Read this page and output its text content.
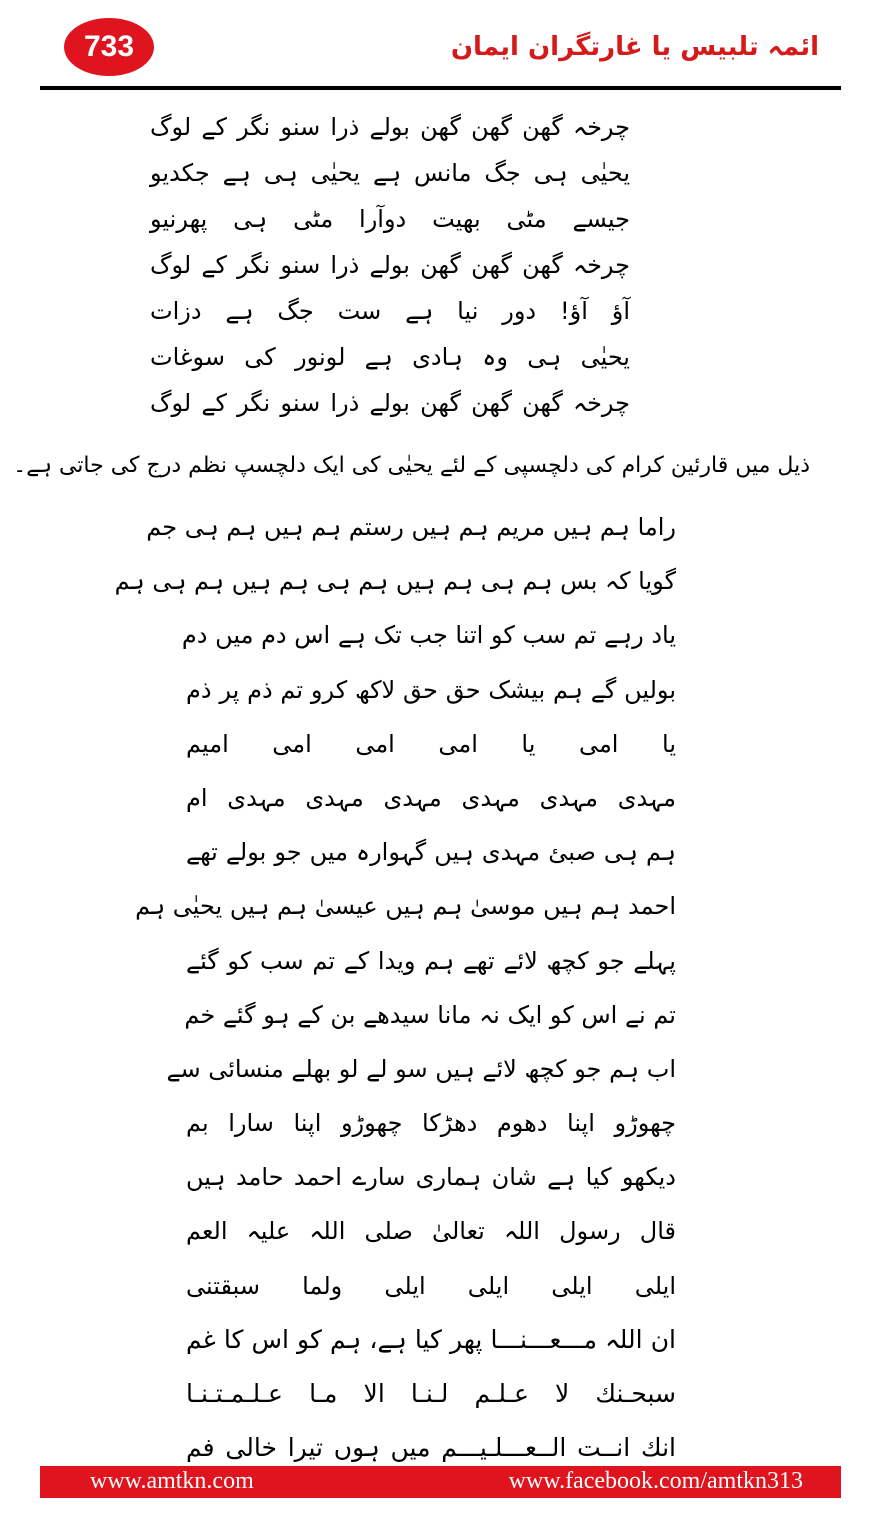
733	ائمہ تلبیس یا غارتگران ایمان
چرخہ گھن گھن گھن بولے ذرا سنو نگر کے لوگ
یحیٰی ہی جگ مانس ہے یحیٰی ہی ہے جکدیو
جیسے مٹی بھیت دوآرا مٹی ہی پھرنیو
چرخہ گھن گھن گھن بولے ذرا سنو نگر کے لوگ
آؤ آؤ! دور نیا ہے ست جگ ہے دزات
یحیٰی ہی وہ ہادی ہے لونور کی سوغات
چرخہ گھن گھن گھن بولے ذرا سنو نگر کے لوگ
ذیل میں قارئین کرام کی دلچسپی کے لئے یحیٰی کی ایک دلچسپ نظم درج کی جاتی ہے۔
راما ہم ہیں مریم ہم ہیں رستم ہم ہیں ہم ہی جم
گویا کہ بس ہم ہی ہم ہیں ہم ہی ہم ہیں ہم ہی ہم
یاد رہے تم سب کو اتنا جب تک ہے اس دم میں دم
بولیں گے ہم بیشک حق حق لاکھ کرو تم ذم پر ذم
یا امی یا امی امی امی امیم
مہدی مہدی مہدی مہدی مہدی مہدی ام
ہم ہی صبئ مہدی ہیں گہوارہ میں جو بولے تھے
احمد ہم ہیں موسیٰ ہم ہیں عیسیٰ ہم ہیں یحیٰی ہم
پہلے جو کچھ لائے تھے ہم ویدا کے تم سب کو گئے
تم نے اس کو ایک نہ مانا سیدھے بن کے ہو گئے خم
اب ہم جو کچھ لائے ہیں سو لے لو بھلے منسائی سے
چھوڑو اپنا دھوم دھڑکا چھوڑو اپنا سارا بم
دیکھو کیا ہے شان ہماری سارے احمد حامد ہیں
قال رسول اللہ تعالیٰ صلی اللہ علیہ العم
ایلی ایلی ایلی ایلی ولما سبقتنی
ان اللہ مـــعـــنـــا پھر کیا ہے، ہم کو اس کا غم
سبحـنك لا عـلـم لـنـا الا مـا عـلـمـتـنـا
انك انــت الــعـــلـيـــم میں ہوں تیرا خالی فم
www.amtkn.com	www.facebook.com/amtkn313
